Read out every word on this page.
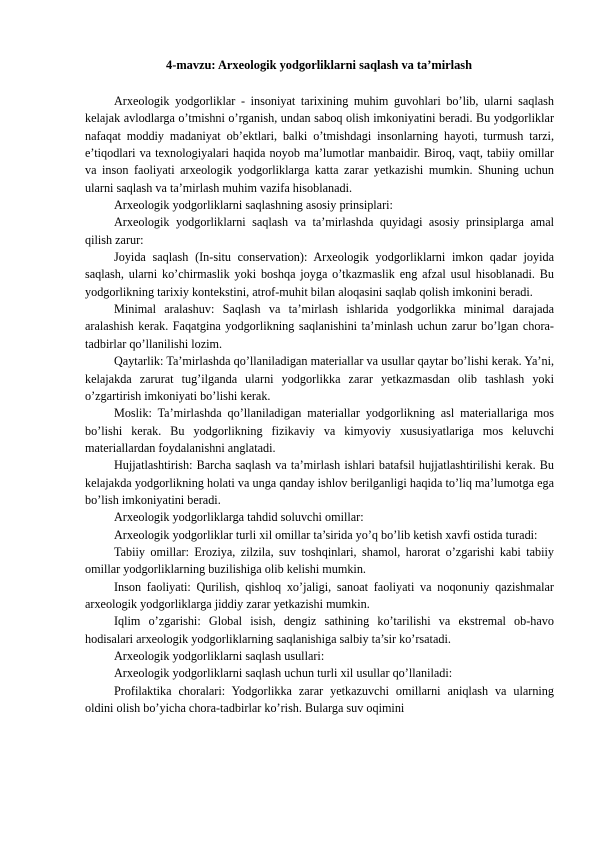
4-mavzu: Arxeologik yodgorliklarni saqlash va ta’mirlash

Arxeologik yodgorliklar - insoniyat tarixining muhim guvohlari bo’lib, ularni saqlash kelajak avlodlarga o’tmishni o’rganish, undan saboq olish imkoniyatini beradi. Bu yodgorliklar nafaqat moddiy madaniyat ob’ektlari, balki o’tmishdagi insonlarning hayoti, turmush tarzi, e’tiqodlari va texnologiyalari haqida noyob ma’lumotlar manbaidir. Biroq, vaqt, tabiiy omillar va inson faoliyati arxeologik yodgorliklarga katta zarar yetkazishi mumkin. Shuning uchun ularni saqlash va ta’mirlash muhim vazifa hisoblanadi.

Arxeologik yodgorliklarni saqlashning asosiy prinsiplari:

Arxeologik yodgorliklarni saqlash va ta’mirlashda quyidagi asosiy prinsiplarga amal qilish zarur:

Joyida saqlash (In-situ conservation): Arxeologik yodgorliklarni imkon qadar joyida saqlash, ularni ko’chirmaslik yoki boshqa joyga o’tkazmaslik eng afzal usul hisoblanadi. Bu yodgorlikning tarixiy kontekstini, atrof-muhit bilan aloqasini saqlab qolish imkonini beradi.

Minimal aralashuv: Saqlash va ta’mirlash ishlarida yodgorlikka minimal darajada aralashish kerak. Faqatgina yodgorlikning saqlanishini ta’minlash uchun zarur bo’lgan chora-tadbirlar qo’llanilishi lozim.

Qaytarlik: Ta’mirlashda qo’llaniladigan materiallar va usullar qaytar bo’lishi kerak. Ya’ni, kelajakda zarurat tug’ilganda ularni yodgorlikka zarar yetkazmasdan olib tashlash yoki o’zgartirish imkoniyati bo’lishi kerak.

Moslik: Ta’mirlashda qo’llaniladigan materiallar yodgorlikning asl materiallariga mos bo’lishi kerak. Bu yodgorlikning fizikaviy va kimyoviy xususiyatlariga mos keluvchi materiallardan foydalanishni anglatadi.

Hujjatlashtirish: Barcha saqlash va ta’mirlash ishlari batafsil hujjatlashtirilishi kerak. Bu kelajakda yodgorlikning holati va unga qanday ishlov berilganligi haqida to’liq ma’lumotga ega bo’lish imkoniyatini beradi.

Arxeologik yodgorliklarga tahdid soluvchi omillar:

Arxeologik yodgorliklar turli xil omillar ta’sirida yo’q bo’lib ketish xavfi ostida turadi:

Tabiiy omillar: Eroziya, zilzila, suv toshqinlari, shamol, harorat o’zgarishi kabi tabiiy omillar yodgorliklarning buzilishiga olib kelishi mumkin.

Inson faoliyati: Qurilish, qishloq xo’jaligi, sanoat faoliyati va noqonuniy qazishmalar arxeologik yodgorliklarga jiddiy zarar yetkazishi mumkin.

Iqlim o’zgarishi: Global isish, dengiz sathining ko’tarilishi va ekstremal ob-havo hodisalari arxeologik yodgorliklarning saqlanishiga salbiy ta’sir ko’rsatadi.

Arxeologik yodgorliklarni saqlash usullari:

Arxeologik yodgorliklarni saqlash uchun turli xil usullar qo’llaniladi:

Profilaktika choralari: Yodgorlikka zarar yetkazuvchi omillarni aniqlash va ularning oldini olish bo’yicha chora-tadbirlar ko’rish. Bularga suv oqimini
